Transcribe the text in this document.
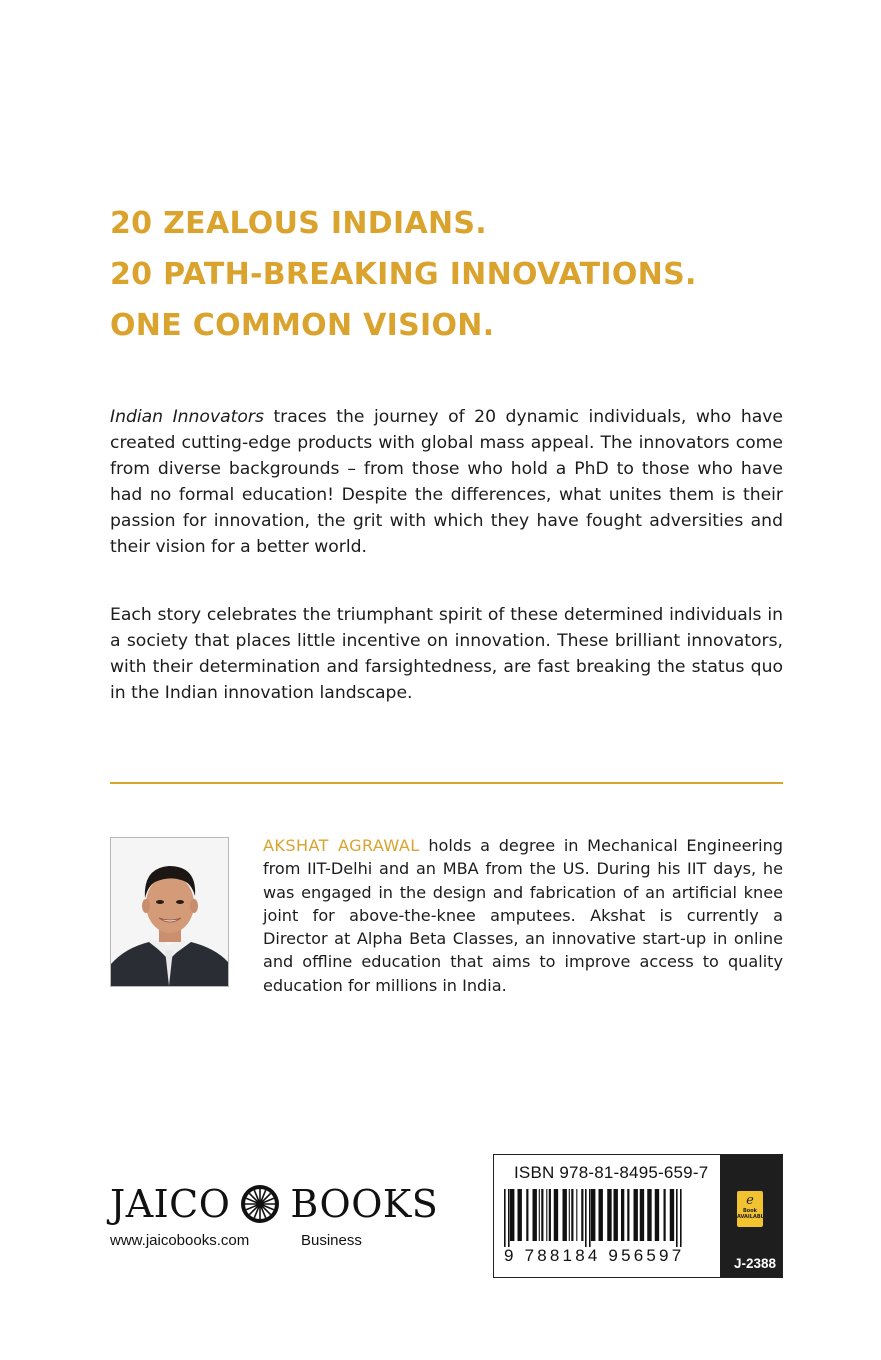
20 ZEALOUS INDIANS.
20 PATH-BREAKING INNOVATIONS.
ONE COMMON VISION.

Indian Innovators traces the journey of 20 dynamic individuals, who have created cutting-edge products with global mass appeal. The innovators come from diverse backgrounds – from those who hold a PhD to those who have had no formal education! Despite the differences, what unites them is their passion for innovation, the grit with which they have fought adversities and their vision for a better world.

Each story celebrates the triumphant spirit of these determined individuals in a society that places little incentive on innovation. These brilliant innovators, with their determination and farsightedness, are fast breaking the status quo in the Indian innovation landscape.

AKSHAT AGRAWAL holds a degree in Mechanical Engineering from IIT-Delhi and an MBA from the US. During his IIT days, he was engaged in the design and fabrication of an artificial knee joint for above-the-knee amputees. Akshat is currently a Director at Alpha Beta Classes, an innovative start-up in online and offline education that aims to improve access to quality education for millions in India.

JAICO BOOKS
www.jaicobooks.com	Business
ISBN 978-81-8495-659-7
9 788184 956597
e
Book AVAILABLE
J-2388
